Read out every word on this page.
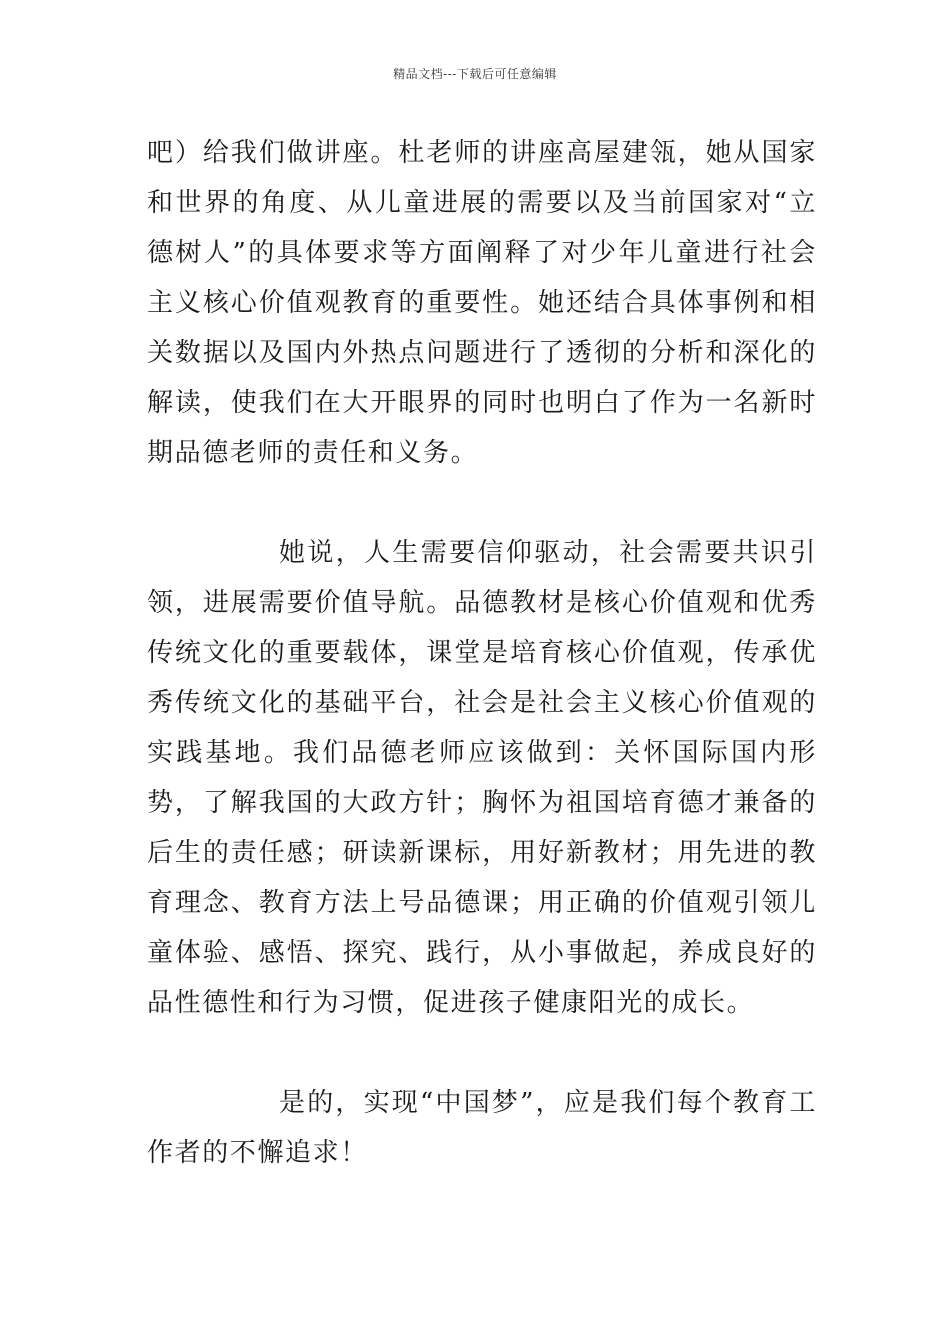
精品文档---下载后可任意编辑

吧）给我们做讲座。杜老师的讲座高屋建瓴，她从国家和世界的角度、从儿童进展的需要以及当前国家对“立德树人”的具体要求等方面阐释了对少年儿童进行社会主义核心价值观教育的重要性。她还结合具体事例和相关数据以及国内外热点问题进行了透彻的分析和深化的解读，使我们在大开眼界的同时也明白了作为一名新时期品德老师的责任和义务。

她说，人生需要信仰驱动，社会需要共识引领，进展需要价值导航。品德教材是核心价值观和优秀传统文化的重要载体，课堂是培育核心价值观，传承优秀传统文化的基础平台，社会是社会主义核心价值观的实践基地。我们品德老师应该做到：关怀国际国内形势，了解我国的大政方针；胸怀为祖国培育德才兼备的后生的责任感；研读新课标，用好新教材；用先进的教育理念、教育方法上号品德课；用正确的价值观引领儿童体验、感悟、探究、践行，从小事做起，养成良好的品性德性和行为习惯，促进孩子健康阳光的成长。

是的，实现“中国梦”，应是我们每个教育工作者的不懈追求！
